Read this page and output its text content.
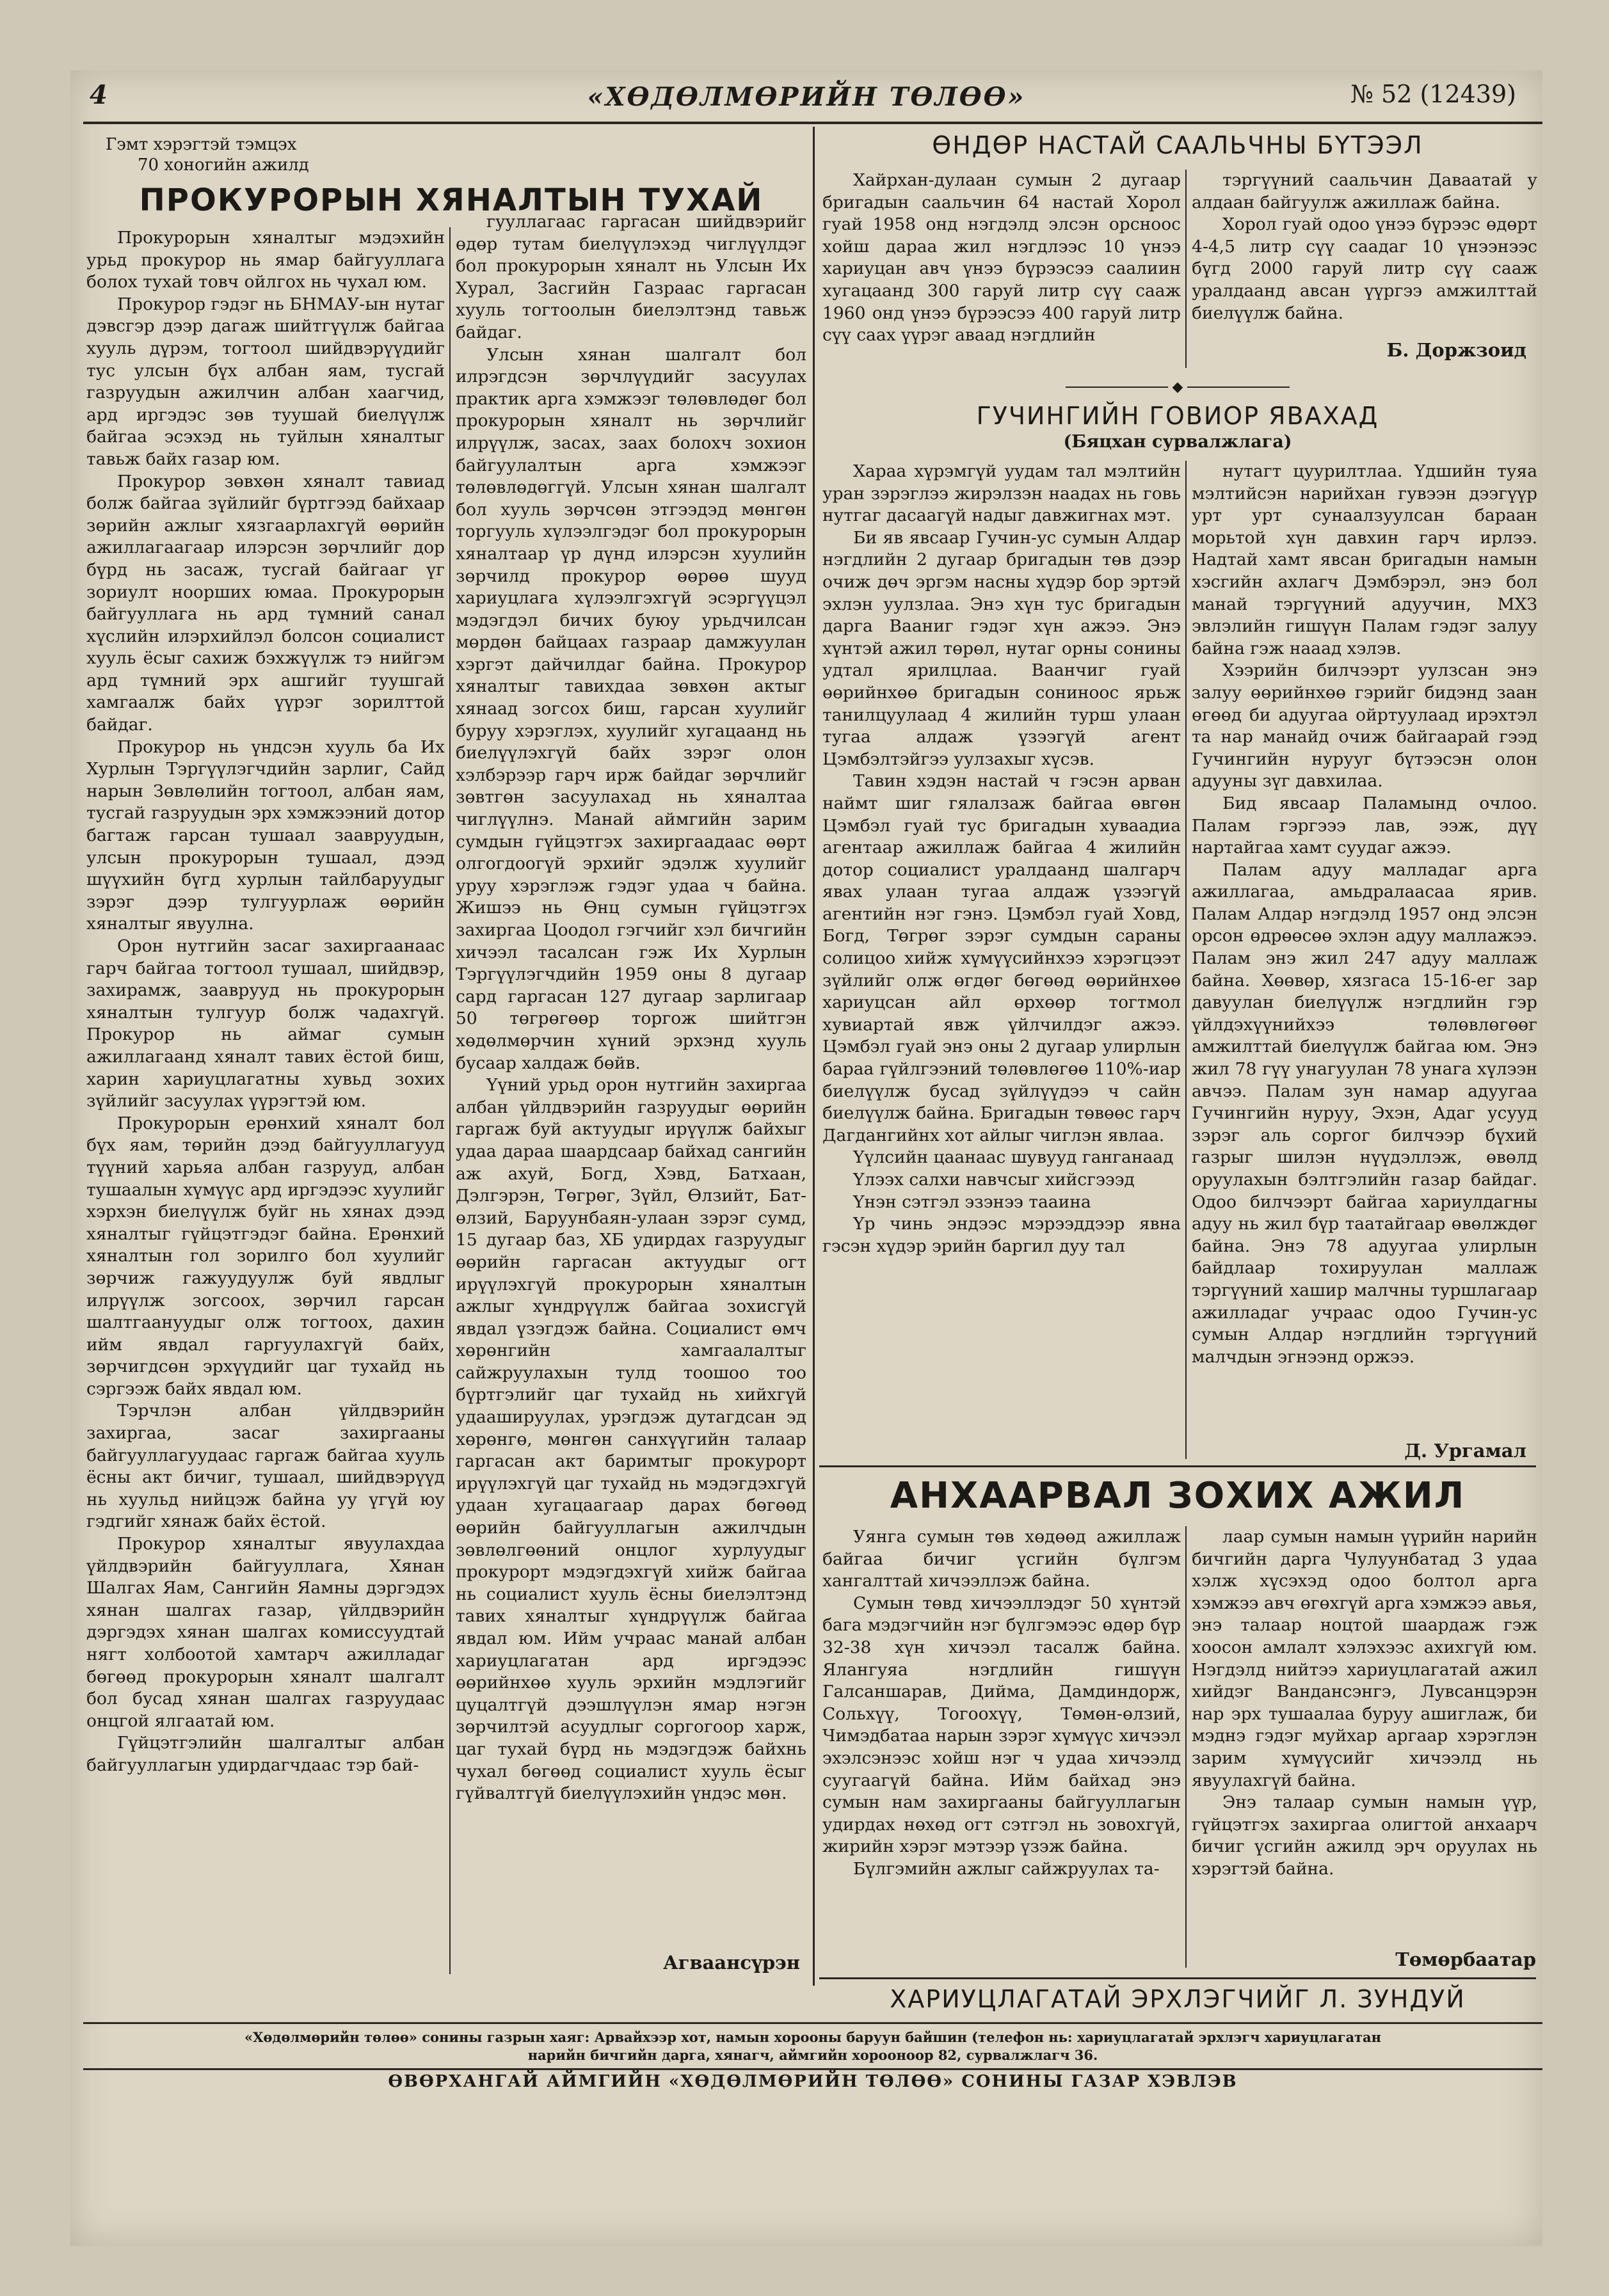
4	«ХӨДӨЛМӨРИЙН ТӨЛӨӨ»	№ 52 (12439)
Гэмт хэрэгтэй тэмцэх
70 хоногийн ажилд
ПРОКУРОРЫН ХЯНАЛТЫН ТУХАЙ

Прокурорын хяналтыг мэдэхийн урьд прокурор нь ямар байгууллага болох тухай товч ойлгох нь чухал юм.

Прокурор гэдэг нь БНМАУ-ын нутаг дэвсгэр дээр дагаж шийтгүүлж байгаа хууль дүрэм, тогтоол шийдвэрүүдийг тус улсын бүх албан яам, тусгай газруудын ажилчин албан хаагчид, ард иргэдэс зөв туушай биелүүлж байгаа эсэхэд нь туйлын хяналтыг тавьж байх газар юм.

Прокурор зөвхөн хяналт тавиад болж байгаа зүйлийг бүртгээд байхаар зөрийн ажлыг хязгаарлахгүй өөрийн ажиллагаагаар илэрсэн зөрчлийг дор бүрд нь засаж, тусгай байгааг үг зориулт ноорших юмаа. Прокурорын байгууллага нь ард түмний санал хүслийн илэрхийлэл болсон социалист хууль ёсыг сахиж бэхжүүлж тэ нийгэм ард түмний эрх ашгийг туушгай хамгаалж байх үүрэг зорилттой байдаг.

Прокурор нь үндсэн хууль ба Их Хурлын Тэргүүлэгчдийн зарлиг, Сайд нарын Зөвлөлийн тогтоол, албан яам, тусгай газруудын эрх хэмжээний дотор багтаж гарсан тушаал заавруудын, улсын прокурорын тушаал, дээд шүүхийн бүгд хурлын тайлбаруудыг зэрэг дээр тулгуурлаж өөрийн хяналтыг явуулна.

Орон нутгийн засаг захиргаанаас гарч байгаа тогтоол тушаал, шийдвэр, захирамж, зааврууд нь прокурорын хяналтын тулгуур болж чадахгүй. Прокурор нь аймаг сумын ажиллагаанд хяналт тавих ёстой биш, харин хариуцлагатны хувьд зохих зүйлийг засуулах үүрэгтэй юм.

Прокурорын ерөнхий хяналт бол бүх яам, төрийн дээд байгууллагууд түүний харьяа албан газрууд, албан тушаалын хүмүүс ард иргэдээс хуулийг хэрхэн биелүүлж буйг нь хянах дээд хяналтыг гүйцэтгэдэг байна. Ерөнхий хяналтын гол зорилго бол хуулийг зөрчиж гажуудуулж буй явдлыг илрүүлж зогсоох, зөрчил гарсан шалтгаануудыг олж тогтоох, дахин ийм явдал гаргуулахгүй байх, зөрчигдсөн эрхүүдийг цаг тухайд нь сэргээж байх явдал юм.

Тэрчлэн албан үйлдвэрийн захиргаа, засаг захиргааны байгууллагуудаас гаргаж байгаа хууль ёсны акт бичиг, тушаал, шийдвэрүүд нь хуульд нийцэж байна уу үгүй юу гэдгийг хянаж байх ёстой.

Прокурор хяналтыг явуулахдаа үйлдвэрийн байгууллага, Хянан Шалгах Яам, Сангийн Яамны дэргэдэх хянан шалгах газар, үйлдвэрийн дэргэдэх хянан шалгах комиссуудтай нягт холбоотой хамтарч ажилладаг бөгөөд прокурорын хяналт шалгалт бол бусад хянан шалгах газруудаас онцгой ялгаатай юм.

Гүйцэтгэлийн шалгалтыг албан байгууллагын удирдагчдаас тэр бай-

гууллагаас гаргасан шийдвэрийг өдөр тутам биелүүлэхэд чиглүүлдэг бол прокурорын хяналт нь Улсын Их Хурал, Засгийн Газраас гаргасан хууль тогтоолын биелэлтэнд тавьж байдаг.

Улсын хянан шалгалт бол илрэгдсэн зөрчлүүдийг засуулах практик арга хэмжээг төлөвлөдөг бол прокурорын хяналт нь зөрчлийг илрүүлж, засах, заах болохч зохион байгуулалтын арга хэмжээг төлөвлөдөггүй. Улсын хянан шалгалт бол хууль зөрчсөн этгээдэд мөнгөн торгууль хүлээлгэдэг бол прокурорын хяналтаар үр дүнд илэрсэн хуулийн зөрчилд прокурор өөрөө шууд хариуцлага хүлээлгэхгүй эсэргүүцэл мэдэгдэл бичих буюу урьдчилсан мөрдөн байцаах газраар дамжуулан хэргэт дайчилдаг байна. Прокурор хяналтыг тавихдаа зөвхөн актыг хянаад зогсох биш, гарсан хуулийг буруу хэрэглэх, хуулийг хугацаанд нь биелүүлэхгүй байх зэрэг олон хэлбэрээр гарч ирж байдаг зөрчлийг зөвтгөн засуулахад нь хяналтаа чиглүүлнэ. Манай аймгийн зарим сумдын гүйцэтгэх захиргаадаас өөрт олгогдоогүй эрхийг эдэлж хуулийг уруу хэрэглэж гэдэг удаа ч байна. Жишээ нь Өнц сумын гүйцэтгэх захиргаа Цоодол гэгчийг хэл бичгийн хичээл тасалсан гэж Их Хурлын Тэргүүлэгчдийн 1959 оны 8 дугаар сард гаргасан 127 дугаар зарлигаар 50 төгрөгөөр торгож шийтгэн хөдөлмөрчин хүний эрхэнд хууль бусаар халдаж бөйв.

Үүний урьд орон нутгийн захиргаа албан үйлдвэрийн газруудыг өөрийн гаргаж буй актуудыг ирүүлж байхыг удаа дараа шаардсаар байхад сангийн аж ахуй, Богд, Хэвд, Батхаан, Дэлгэрэн, Төгрөг, Зүйл, Өлзийт, Бат-өлзий, Баруунбаян-улаан зэрэг сумд, 15 дугаар баз, ХБ удирдах газруудыг өөрийн гаргасан актуудыг огт ирүүлэхгүй прокурорын хяналтын ажлыг хүндрүүлж байгаа зохисгүй явдал үзэгдэж байна. Социалист өмч хөрөнгийн хамгаалалтыг сайжруулахын тулд тоошоо тоо бүртгэлийг цаг тухайд нь хийхгүй удаашируулах, урэгдэж дутагдсан эд хөрөнгө, мөнгөн санхүүгийн талаар гаргасан акт баримтыг прокурорт ирүүлэхгүй цаг тухайд нь мэдэгдэхгүй удаан хугацаагаар дарах бөгөөд өөрийн байгууллагын ажилчдын зөвлөлгөөний онцлог хурлуудыг прокурорт мэдэгдэхгүй хийж байгаа нь социалист хууль ёсны биелэлтэнд тавих хяналтыг хүндрүүлж байгаа явдал юм. Ийм учраас манай албан хариуцлагатан ард иргэдээс өөрийнхөө хууль эрхийн мэдлэгийг цуцалтгүй дээшлүүлэн ямар нэгэн зөрчилтэй асуудлыг соргогоор харж, цаг тухай бүрд нь мэдэгдэж байхнь чухал бөгөөд социалист хууль ёсыг гүйвалтгүй биелүүлэхийн үндэс мөн.

Агваансүрэн
ӨНДӨР НАСТАЙ СААЛЬЧНЫ БҮТЭЭЛ

Хайрхан-дулаан сумын 2 дугаар бригадын саальчин 64 настай Хорол гуай 1958 онд нэгдэлд элсэн орсноос хойш дараа жил нэгдлээс 10 үнээ хариуцан авч үнээ бүрээсээ саалиин хугацаанд 300 гаруй литр сүү сааж 1960 онд үнээ бүрээсээ 400 гаруй литр сүү саах үүрэг аваад нэгдлийн

тэргүүний саальчин Даваатай у алдаан байгуулж ажиллаж байна.

Хорол гуай одоо үнээ бүрээс өдөрт 4-4,5 литр сүү саадаг 10 үнээнээс бүгд 2000 гаруй литр сүү сааж уралдаанд авсан үүргээ амжилттай биелүүлж байна.

Б. Доржзоид
◆
ГУЧИНГИЙН ГОВИОР ЯВАХАД
(Бяцхан сурвалжлага)

Хараа хүрэмгүй уудам тал мэлтийн уран зэрэглээ жирэлзэн наадах нь говь нутгаг дасаагүй надыг давжигнах мэт.

Би яв явсаар Гучин-ус сумын Алдар нэгдлийн 2 дугаар бригадын төв дээр очиж дөч эргэм насны хүдэр бор эртэй эхлэн уулзлаа. Энэ хүн тус бригадын дарга Вааниг гэдэг хүн ажээ. Энэ хүнтэй ажил төрөл, нутаг орны сонины удтал ярилцлаа. Ваанчиг гуай өөрийнхөө бригадын сониноос ярьж танилцуулаад 4 жилийн турш улаан тугаа алдаж үзээгүй агент Цэмбэлтэйгээ уулзахыг хүсэв.

Тавин хэдэн настай ч гэсэн арван наймт шиг гялалзаж байгаа өвгөн Цэмбэл гуай тус бригадын хуваадиа агентаар ажиллаж байгаа 4 жилийн дотор социалист уралдаанд шалгарч явах улаан тугаа алдаж үзээгүй агентийн нэг гэнэ. Цэмбэл гуай Ховд, Богд, Төгрөг зэрэг сумдын сараны солицоо хийж хүмүүсийнхээ хэрэгцээт зүйлийг олж өгдөг бөгөөд өөрийнхөө хариуцсан айл өрхөөр тогтмол хувиартай явж үйлчилдэг ажээ. Цэмбэл гуай энэ оны 2 дугаар улирлын бараа гүйлгээний төлөвлөгөө 110%-иар биелүүлж бусад зүйлүүдээ ч сайн биелүүлж байна. Бригадын төвөөс гарч Дагдангийнх хот айлыг чиглэн явлаа.

Үүлсийн цаанаас шувууд ганганаад

Үлээх салхи навчсыг хийсгэээд

Үнэн сэтгэл эзэнээ тааина

Үр чинь эндээс мэрээддээр явна гэсэн хүдэр эрийн баргил дуу тал

нутагт цуурилтлаа. Үдшийн туяа мэлтийсэн нарийхан гувээн дээгүүр урт урт сунаалзуулсан бараан морьтой хүн давхин гарч ирлээ. Надтай хамт явсан бригадын намын хэсгийн ахлагч Дэмбэрэл, энэ бол манай тэргүүний адуучин, МХЗ эвлэлийн гишүүн Палам гэдэг залуу байна гэж нааад хэлэв.

Хээрийн билчээрт уулзсан энэ залуу өөрийнхөө гэрийг бидэнд заан өгөөд би адуугаа ойртуулаад ирэхтэл та нар манайд очиж байгаарай гээд Гучингийн нурууг бүтээсэн олон адууны зүг давхилаа.

Бид явсаар Паламынд очлоо. Палам гэргэээ лав, ээж, дүү нартайгаа хамт суудаг ажээ.

Палам адуу малладаг арга ажиллагаа, амьдралаасаа ярив. Палам Алдар нэгдэлд 1957 онд элсэн орсон өдрөөсөө эхлэн адуу маллажээ. Палам энэ жил 247 адуу маллаж байна. Хөөвөр, хязгаса 15-16-ег зар давуулан биелүүлж нэгдлийн гэр үйлдэхүүнийхээ төлөвлөгөөг амжилттай биелүүлж байгаа юм. Энэ жил 78 гүү унагуулан 78 унага хүлээн авчээ. Палам зун намар адуугаа Гучингийн нуруу, Эхэн, Адаг усууд зэрэг аль соргог билчээр бүхий газрыг шилэн нүүдэллэж, өвөлд оруулахын бэлтгэлийн газар байдаг. Одоо билчээрт байгаа хариулдагны адуу нь жил бүр таатайгаар өвөлждөг байна. Энэ 78 адуугаа улирлын байдлаар тохируулан маллаж тэргүүний хашир малчны туршлагаар ажилладаг учраас одоо Гучин-ус сумын Алдар нэгдлийн тэргүүний малчдын эгнээнд оржээ.

Д. Ургамал
АНХААРВАЛ ЗОХИХ АЖИЛ

Уянга сумын төв хөдөөд ажиллаж байгаа бичиг үсгийн бүлгэм хангалттай хичээллэж байна.

Сумын төвд хичээллэдэг 50 хүнтэй бага мэдэгчийн нэг бүлгэмээс өдөр бүр 32-38 хүн хичээл тасалж байна. Ялангуяа нэгдлийн гишүүн Галсаншарав, Дийма, Дамдиндорж, Сольхүү, Тогоохүү, Төмөн-өлзий, Чимэдбатаа нарын зэрэг хүмүүс хичээл эхэлсэнээс хойш нэг ч удаа хичээлд суугаагүй байна. Ийм байхад энэ сумын нам захиргааны байгууллагын удирдах нөхөд огт сэтгэл нь зовохгүй, жирийн хэрэг мэтээр үзэж байна.

Бүлгэмийн ажлыг сайжруулах та-

лаар сумын намын үүрийн нарийн бичгийн дарга Чулуунбатад 3 удаа хэлж хүсэхэд одоо болтол арга хэмжээ авч өгөхгүй арга хэмжээ авья, энэ талаар ноцтой шаардаж гэж хоосон амлалт хэлэхээс ахихгүй юм. Нэгдэлд нийтээ хариуцлагатай ажил хийдэг Вандансэнгэ, Лувсанцэрэн нар эрх тушаалаа буруу ашиглаж, би мэднэ гэдэг муйхар аргаар хэрэглэн зарим хүмүүсийг хичээлд нь явуулахгүй байна.

Энэ талаар сумын намын үүр, гүйцэтгэх захиргаа олигтой анхаарч бичиг үсгийн ажилд эрч оруулах нь хэрэгтэй байна.

Төмөрбаатар
ХАРИУЦЛАГАТАЙ ЭРХЛЭГЧИЙГ Л. ЗУНДУЙ
«Хөдөлмөрийн төлөө» сонины газрын хаяг: Арвайхээр хот, намын хорооны баруун байшин (телефон нь: хариуцлагатай эрхлэгч хариуцлагатан
нарийн бичгийн дарга, хянагч, аймгийн хорооноор 82, сурвалжлагч 36.
ӨВӨРХАНГАЙ АЙМГИЙН «ХӨДӨЛМӨРИЙН ТӨЛӨӨ» СОНИНЫ ГАЗАР ХЭВЛЭВ
